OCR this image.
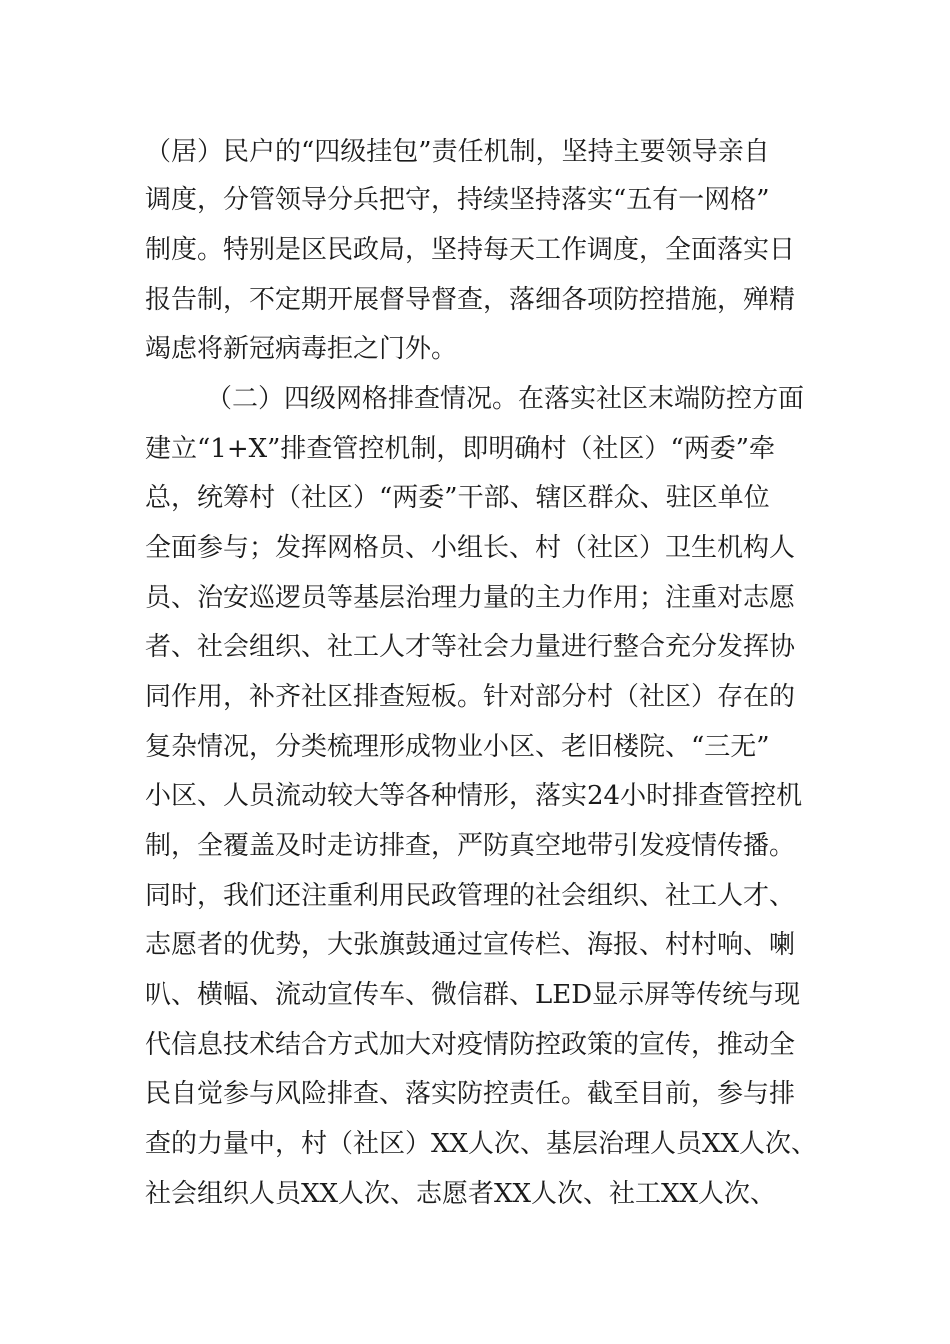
（居）民户的“四级挂包”责任机制，坚持主要领导亲自
调度，分管领导分兵把守，持续坚持落实“五有一网格”
制度。特别是区民政局，坚持每天工作调度，全面落实日
报告制，不定期开展督导督查，落细各项防控措施，殚精
竭虑将新冠病毒拒之门外。
（二）四级网格排查情况。在落实社区末端防控方面
建立“1+X”排查管控机制，即明确村（社区）“两委”牵
总，统筹村（社区）“两委”干部、辖区群众、驻区单位
全面参与；发挥网格员、小组长、村（社区）卫生机构人
员、治安巡逻员等基层治理力量的主力作用；注重对志愿
者、社会组织、社工人才等社会力量进行整合充分发挥协
同作用，补齐社区排查短板。针对部分村（社区）存在的
复杂情况，分类梳理形成物业小区、老旧楼院、“三无”
小区、人员流动较大等各种情形，落实24小时排查管控机
制，全覆盖及时走访排查，严防真空地带引发疫情传播。
同时，我们还注重利用民政管理的社会组织、社工人才、
志愿者的优势，大张旗鼓通过宣传栏、海报、村村响、喇
叭、横幅、流动宣传车、微信群、LED显示屏等传统与现
代信息技术结合方式加大对疫情防控政策的宣传，推动全
民自觉参与风险排查、落实防控责任。截至目前，参与排
查的力量中，村（社区）XX人次、基层治理人员XX人次、
社会组织人员XX人次、志愿者XX人次、社工XX人次、
